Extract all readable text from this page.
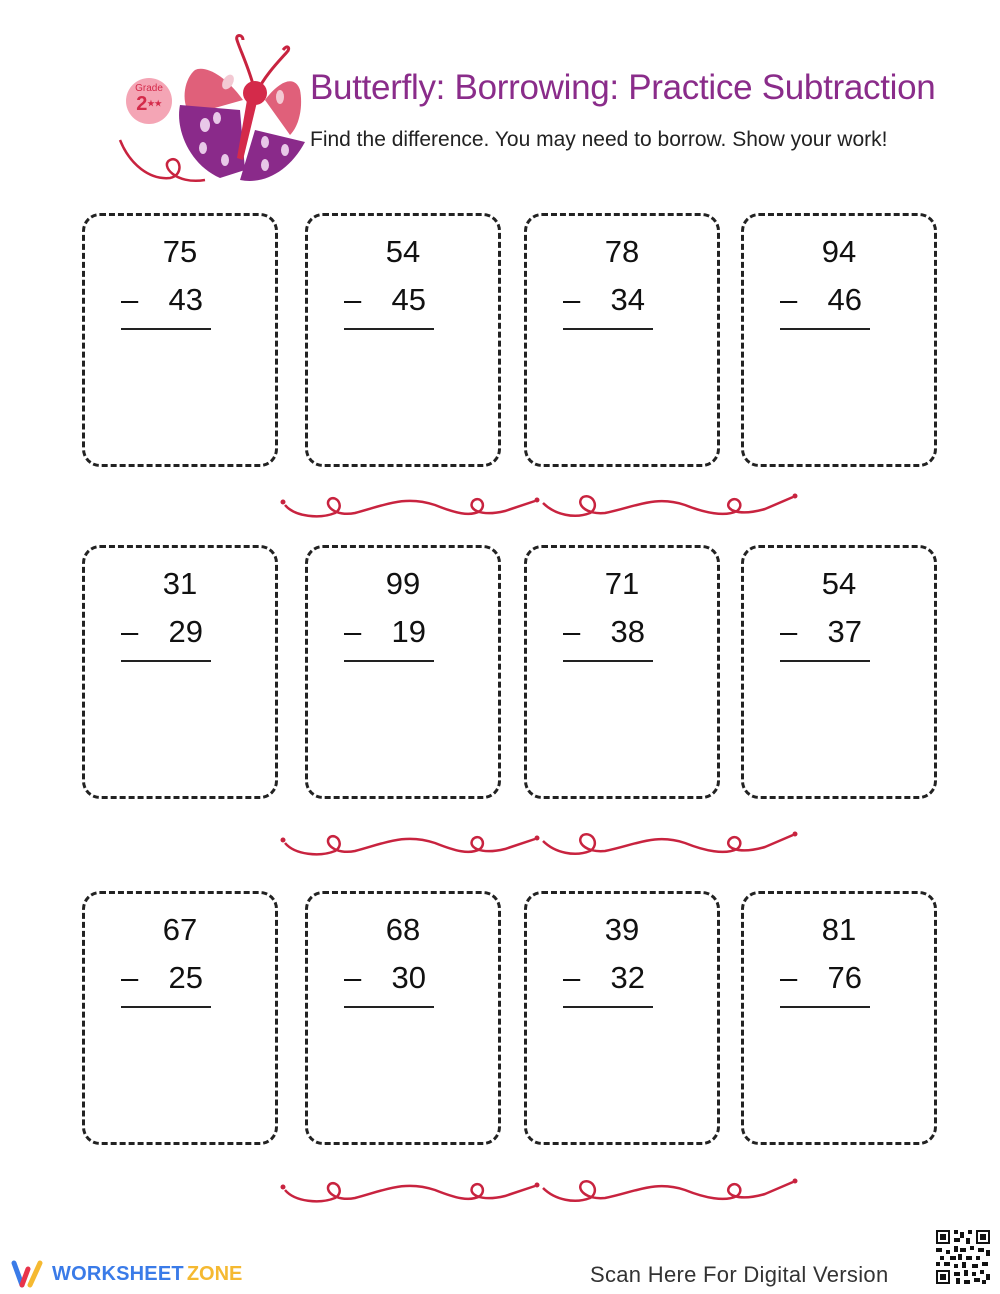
Grade
2★★	Butterfly: Borrowing: Practice Subtraction
Find the difference. You may need to borrow. Show your work!
75
– 43
54
– 45
78
– 34
94
– 46
31
– 29
99
– 19
71
– 38
54
– 37
67
– 25
68
– 30
39
– 32
81
– 76
WORKSHEET ZONE	Scan Here For Digital Version
